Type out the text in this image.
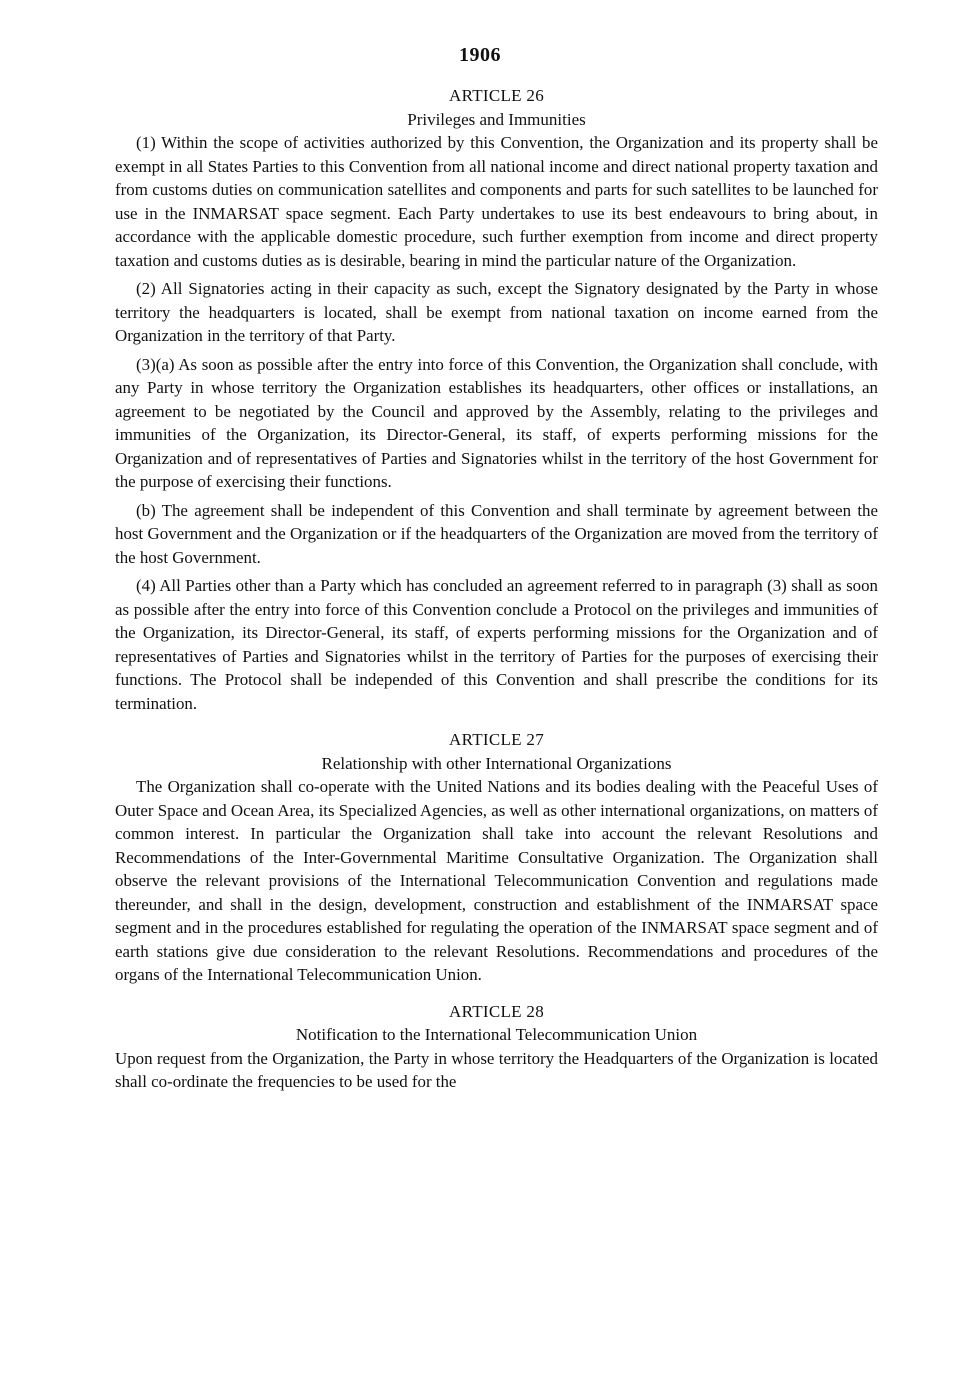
1906

ARTICLE 26

Privileges and Immunities

(1) Within the scope of activities authorized by this Convention, the Organization and its property shall be exempt in all States Parties to this Convention from all national income and direct national property taxation and from customs duties on communication satellites and components and parts for such satellites to be launched for use in the INMARSAT space segment. Each Party undertakes to use its best endeavours to bring about, in accordance with the applicable domestic procedure, such further exemption from income and direct property taxation and customs duties as is desirable, bearing in mind the particular nature of the Organization.

(2) All Signatories acting in their capacity as such, except the Signatory designated by the Party in whose territory the headquarters is located, shall be exempt from national taxation on income earned from the Organization in the territory of that Party.

(3)(a) As soon as possible after the entry into force of this Convention, the Organization shall conclude, with any Party in whose territory the Organization establishes its headquarters, other offices or installations, an agreement to be negotiated by the Council and approved by the Assembly, relating to the privileges and immunities of the Organization, its Director-General, its staff, of experts performing missions for the Organization and of representatives of Parties and Signatories whilst in the territory of the host Government for the purpose of exercising their functions.

(b) The agreement shall be independent of this Convention and shall terminate by agreement between the host Government and the Organization or if the headquarters of the Organization are moved from the territory of the host Government.

(4) All Parties other than a Party which has concluded an agreement referred to in paragraph (3) shall as soon as possible after the entry into force of this Convention conclude a Protocol on the privileges and immunities of the Organization, its Director-General, its staff, of experts performing missions for the Organization and of representatives of Parties and Signatories whilst in the territory of Parties for the purposes of exercising their functions. The Protocol shall be independed of this Convention and shall prescribe the conditions for its termination.

ARTICLE 27

Relationship with other International Organizations

The Organization shall co-operate with the United Nations and its bodies dealing with the Peaceful Uses of Outer Space and Ocean Area, its Specialized Agencies, as well as other international organizations, on matters of common interest. In particular the Organization shall take into account the relevant Resolutions and Recommendations of the Inter-Governmental Maritime Consultative Organization. The Organization shall observe the relevant provisions of the International Telecommunication Convention and regulations made thereunder, and shall in the design, development, construction and establishment of the INMARSAT space segment and in the procedures established for regulating the operation of the INMARSAT space segment and of earth stations give due consideration to the relevant Resolutions. Recommendations and procedures of the organs of the International Telecommunication Union.

ARTICLE 28

Notification to the International Telecommunication Union

Upon request from the Organization, the Party in whose territory the Headquarters of the Organization is located shall co-ordinate the frequencies to be used for the
